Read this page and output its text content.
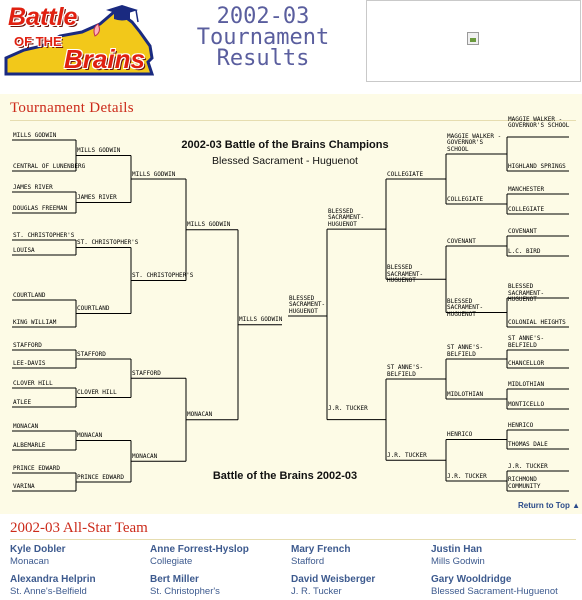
Battle
OF THE
Brains
2002-03
Tournament
Results
Tournament Details
MILLS GODWIN
CENTRAL OF LUNENBERG
JAMES RIVER
DOUGLAS FREEMAN
ST. CHRISTOPHER'S
LOUISA
COURTLAND
KING WILLIAM
STAFFORD
LEE-DAVIS
CLOVER HILL
ATLEE
MONACAN
ALBEMARLE
PRINCE EDWARD
VARINA
MILLS GODWIN
JAMES RIVER
ST. CHRISTOPHER'S
COURTLAND
STAFFORD
CLOVER HILL
MONACAN
PRINCE EDWARD
MILLS GODWIN
ST. CHRISTOPHER'S
STAFFORD
MONACAN
MILLS GODWIN
MONACAN
MILLS GODWIN
BLESSED SACRAMENT-HUGUENOT
MAGGIE WALKER - GOVERNOR'S SCHOOL
HIGHLAND SPRINGS
MANCHESTER
COLLEGIATE
COVENANT
L.C. BIRD
BLESSED SACRAMENT-HUGUENOT
COLONIAL HEIGHTS
ST ANNE'S-BELFIELD
CHANCELLOR
MIDLOTHIAN
MONTICELLO
HENRICO
THOMAS DALE
J.R. TUCKER
RICHMOND COMMUNITY
MAGGIE WALKER - GOVERNOR'S SCHOOL
COLLEGIATE
COVENANT
BLESSED SACRAMENT-HUGUENOT
ST ANNE'S-BELFIELD
MIDLOTHIAN
HENRICO
J.R. TUCKER
COLLEGIATE
BLESSED SACRAMENT-HUGUENOT
ST ANNE'S-BELFIELD
J.R. TUCKER
BLESSED SACRAMENT-HUGUENOT
J.R. TUCKER
2002-03 Battle of the Brains Champions
Blessed Sacrament - Huguenot
Battle of the Brains 2002-03
Return to Top ▲
2002-03 All-Star Team
Kyle Dobler
Monacan
Anne Forrest-Hyslop
Collegiate
Mary French
Stafford
Justin Han
Mills Godwin
Alexandra Helprin
St. Anne's-Belfield
Bert Miller
St. Christopher's
David Weisberger
J. R. Tucker
Gary Wooldridge
Blessed Sacrament-Huguenot
